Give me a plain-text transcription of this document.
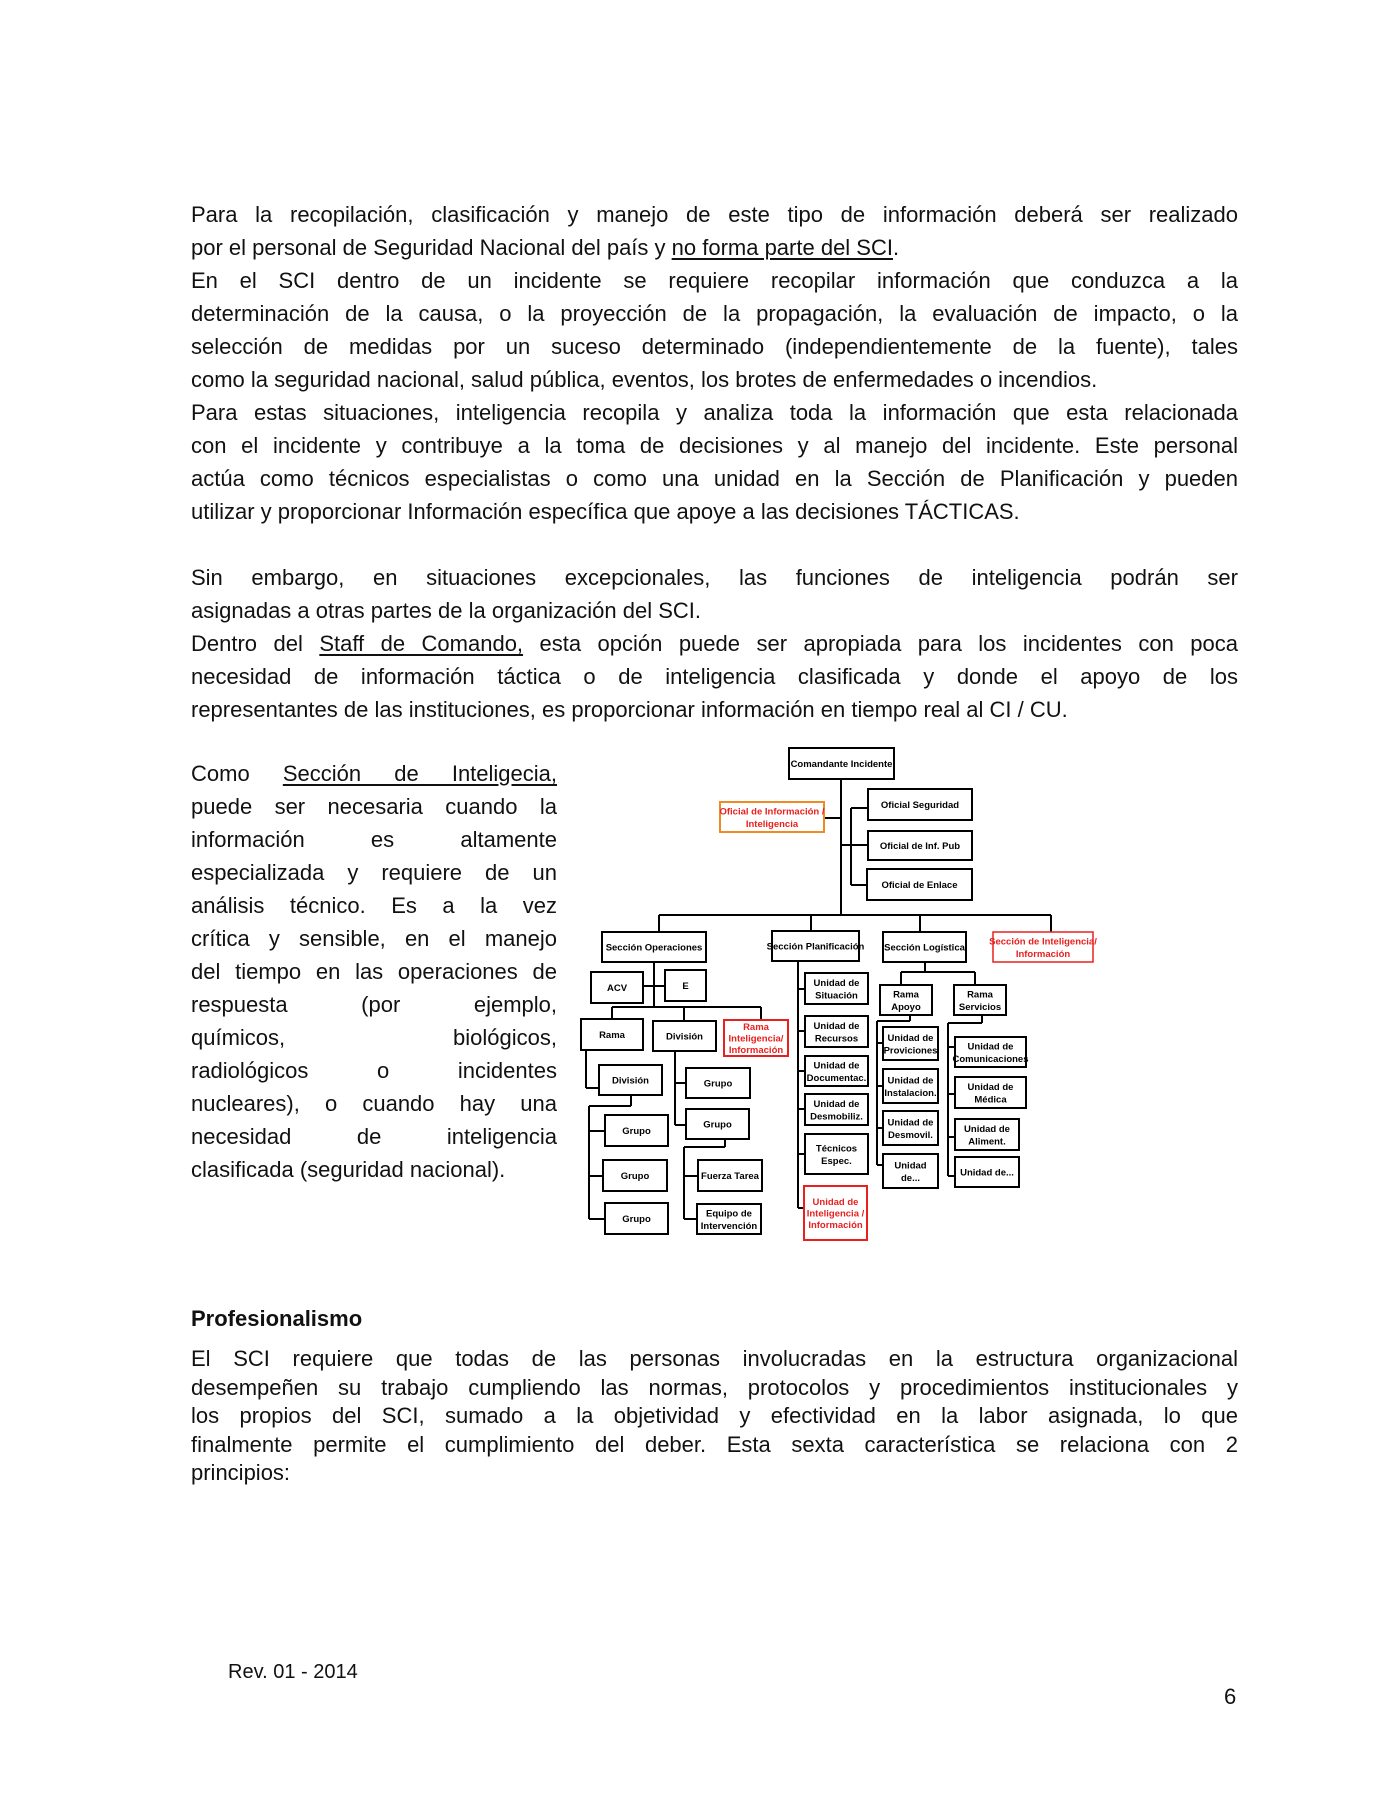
Para la recopilación, clasificación y manejo de este tipo de información deberá ser realizado
por el personal de Seguridad Nacional del país y no forma parte del SCI.
En el SCI dentro de un incidente se requiere recopilar información que conduzca a la
determinación de la causa, o la proyección de la propagación, la evaluación de impacto, o la
selección de medidas por un suceso determinado (independientemente de la fuente), tales
como la seguridad nacional, salud pública, eventos, los brotes de enfermedades o incendios.
Para estas situaciones, inteligencia recopila y analiza toda la información que esta relacionada
con el incidente y contribuye a la toma de decisiones y al manejo del incidente. Este personal
actúa como técnicos especialistas o como una unidad en la Sección de Planificación y pueden
utilizar y proporcionar Información específica que apoye a las decisiones TÁCTICAS.
Sin embargo, en situaciones excepcionales, las funciones de inteligencia podrán ser
asignadas a otras partes de la organización del SCI.
Dentro del Staff de Comando, esta opción puede ser apropiada para los incidentes con poca
necesidad de información táctica o de inteligencia clasificada y donde el apoyo de los
representantes de las instituciones, es proporcionar información en tiempo real al CI / CU.
Como Sección de Inteligecia,
puede ser necesaria cuando la
información es altamente
especializada y requiere de un
análisis técnico. Es a la vez
crítica y sensible, en el manejo
del tiempo en las operaciones de
respuesta (por ejemplo,
químicos, biológicos,
radiológicos o incidentes
nucleares), o cuando hay una
necesidad de inteligencia
clasificada (seguridad nacional).
Comandante Incidente
Oficial de Información /
Inteligencia
Oficial Seguridad
Oficial de Inf. Pub
Oficial de Enlace
Sección Operaciones	Sección Planificación Sección Logística
Sección de Inteligencia/
Información
ACV	E
Rama	División
Rama
Inteligencia/
Información
División
Grupo
Grupo
Grupo
Grupo
Grupo
Fuerza Tarea
Equipo de
Intervención
Unidad de
Situación
Unidad de
Recursos
Unidad de
Documentac.
Unidad de
Desmobiliz.
Técnicos
Espec.
Unidad de
Inteligencia /
Información
Rama
Apoyo
Rama
Servicios
Unidad de
Proviciones
Unidad de
Instalacion.
Unidad de
Desmovil.
Unidad
de...
Unidad de
Comunicaciones
Unidad de
Médica
Unidad de
Aliment.
Unidad de...
Profesionalismo
El SCI requiere que todas de las personas involucradas en la estructura organizacional
desempeñen su trabajo cumpliendo las normas, protocolos y procedimientos institucionales y
los propios del SCI, sumado a la objetividad y efectividad en la labor asignada, lo que
finalmente permite el cumplimiento del deber. Esta sexta característica se relaciona con 2
principios:
Rev. 01 - 2014
6
